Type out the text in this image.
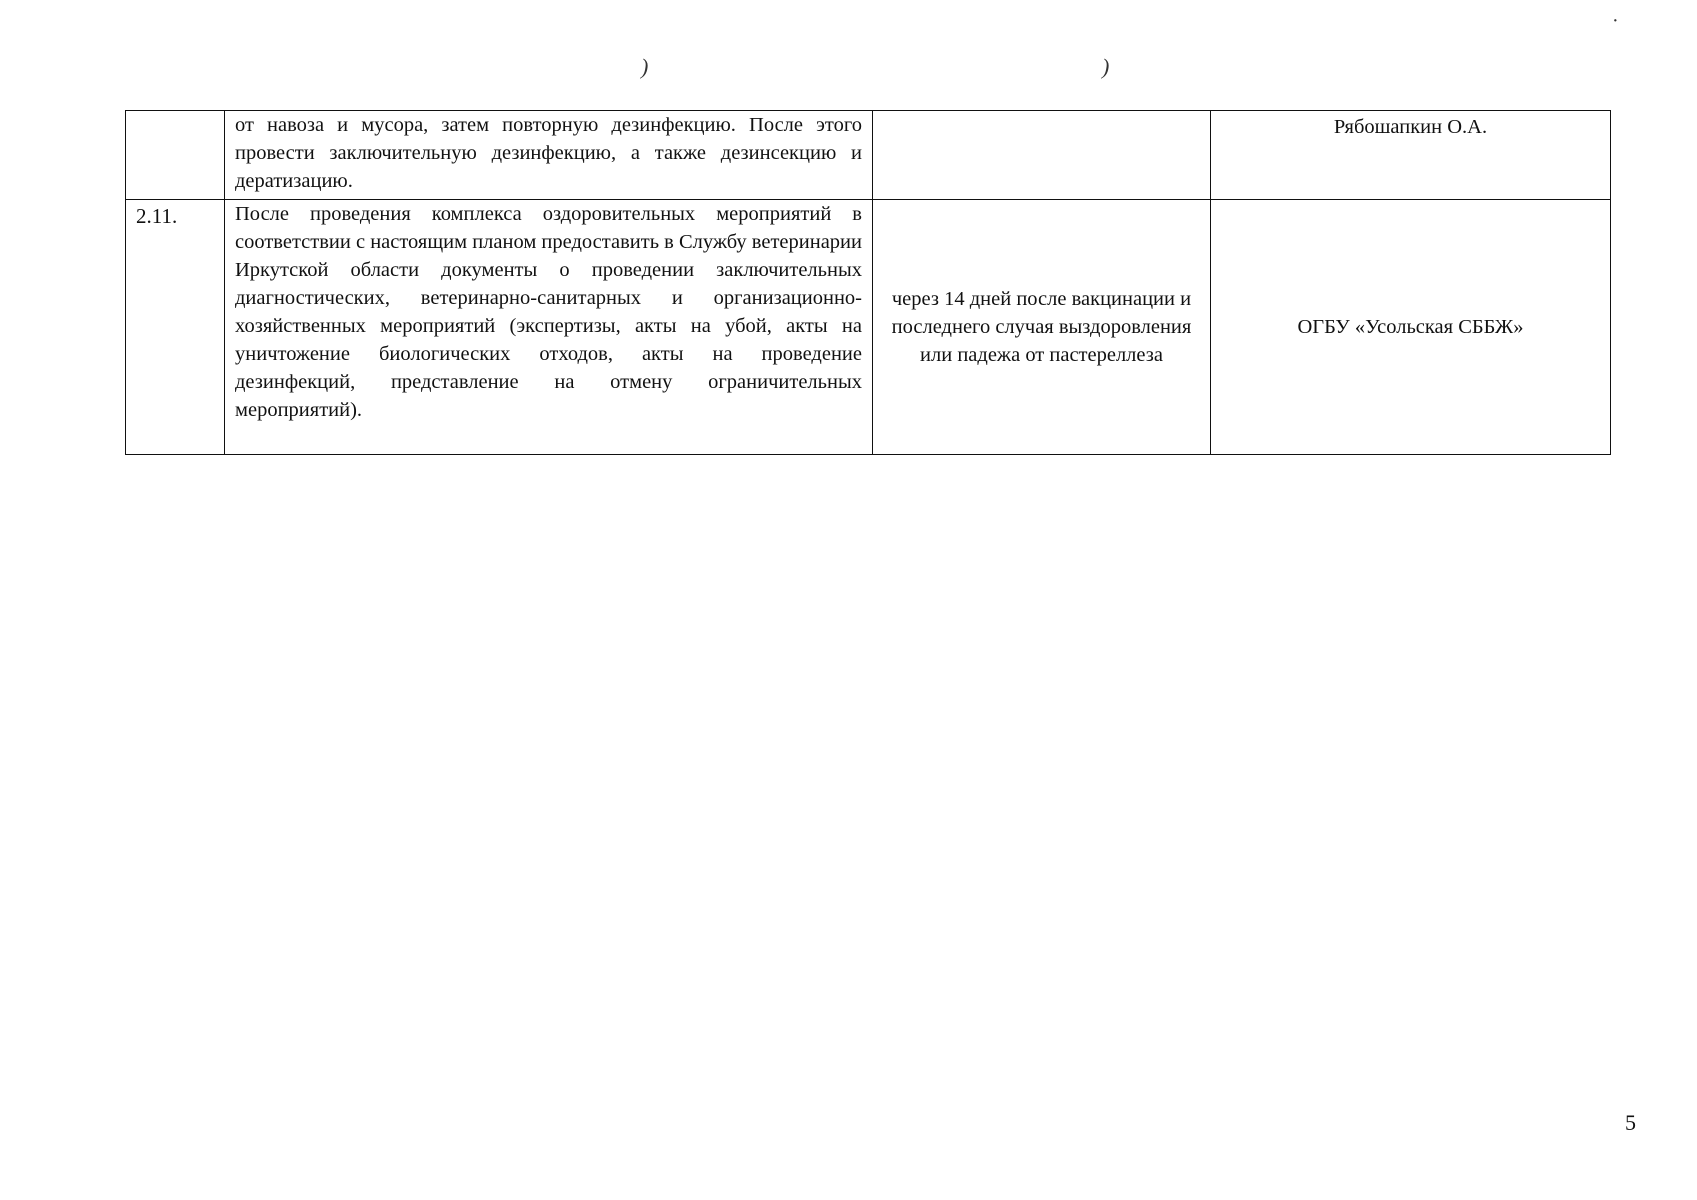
)	)
·
	от навоза и мусора, затем повторную дезинфекцию. После этого провести заключительную дезинфекцию, а также дезинсекцию и дератизацию.		Рябошапкин О.А.
2.11.	После проведения комплекса оздоровительных мероприятий в соответствии с настоящим планом предоставить в Службу ветеринарии Иркутской области документы о проведении заключительных диагностических, ветеринарно-санитарных и организационно-хозяйственных мероприятий (экспертизы, акты на убой, акты на уничтожение биологических отходов, акты на проведение дезинфекций, представление на отмену ограничительных мероприятий).	через 14 дней после вакцинации и последнего случая выздоровления или падежа от пастереллеза	ОГБУ «Усольская СББЖ»
5
